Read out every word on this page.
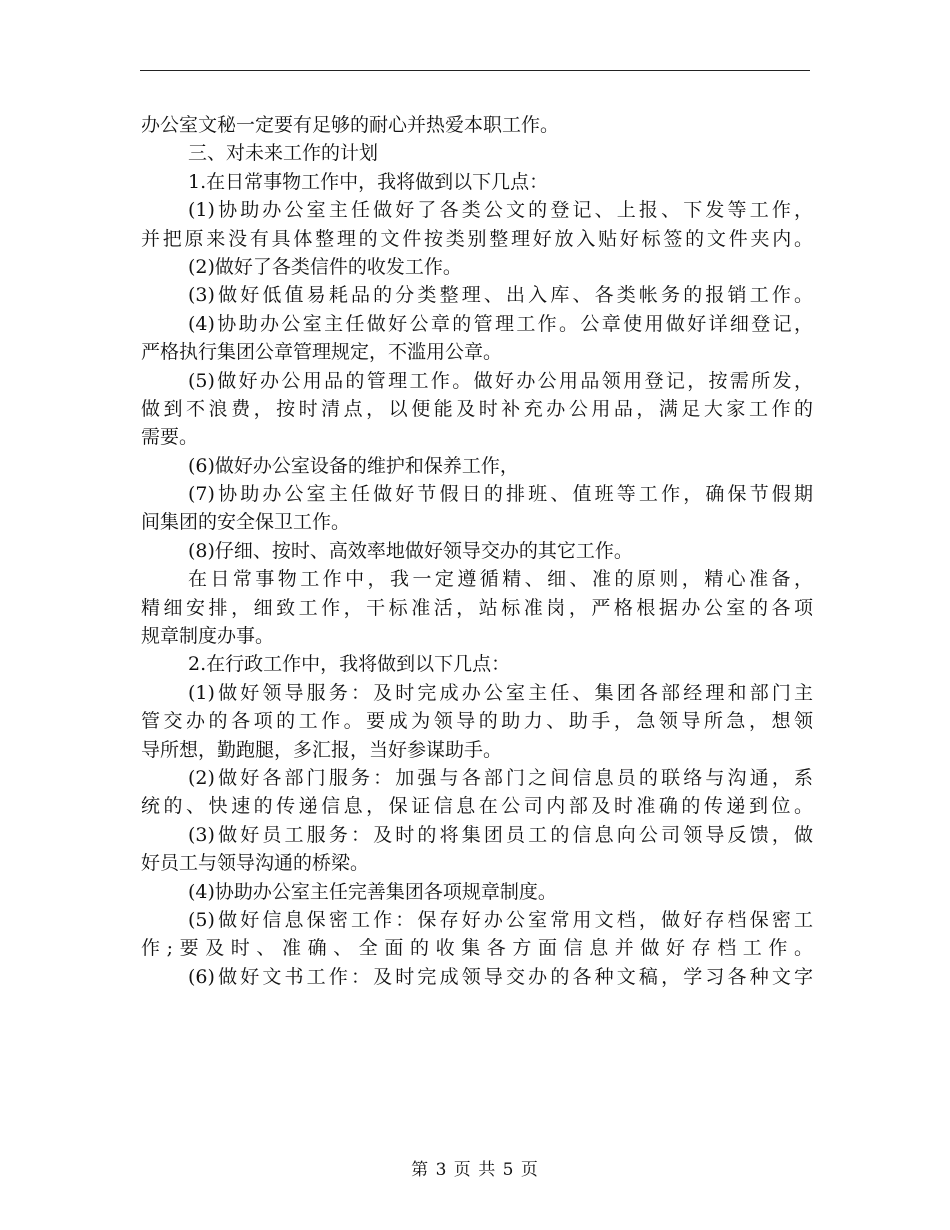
办公室文秘一定要有足够的耐心并热爱本职工作。
三、对未来工作的计划
1.在日常事物工作中，我将做到以下几点：
(1)协助办公室主任做好了各类公文的登记、上报、下发等工作，
并把原来没有具体整理的文件按类别整理好放入贴好标签的文件夹内。
(2)做好了各类信件的收发工作。
(3)做好低值易耗品的分类整理、出入库、各类帐务的报销工作。
(4)协助办公室主任做好公章的管理工作。公章使用做好详细登记，
严格执行集团公章管理规定，不滥用公章。
(5)做好办公用品的管理工作。做好办公用品领用登记，按需所发，
做到不浪费，按时清点，以便能及时补充办公用品，满足大家工作的
需要。
(6)做好办公室设备的维护和保养工作，
(7)协助办公室主任做好节假日的排班、值班等工作，确保节假期
间集团的安全保卫工作。
(8)仔细、按时、高效率地做好领导交办的其它工作。
在日常事物工作中，我一定遵循精、细、准的原则，精心准备，
精细安排，细致工作，干标准活，站标准岗，严格根据办公室的各项
规章制度办事。
2.在行政工作中，我将做到以下几点：
(1)做好领导服务：及时完成办公室主任、集团各部经理和部门主
管交办的各项的工作。要成为领导的助力、助手，急领导所急，想领
导所想，勤跑腿，多汇报，当好参谋助手。
(2)做好各部门服务：加强与各部门之间信息员的联络与沟通，系
统的、快速的传递信息，保证信息在公司内部及时准确的传递到位。
(3)做好员工服务：及时的将集团员工的信息向公司领导反馈，做
好员工与领导沟通的桥梁。
(4)协助办公室主任完善集团各项规章制度。
(5)做好信息保密工作：保存好办公室常用文档，做好存档保密工
作;要及时、准确、全面的收集各方面信息并做好存档工作。
(6)做好文书工作：及时完成领导交办的各种文稿，学习各种文字
第 3 页 共 5 页
